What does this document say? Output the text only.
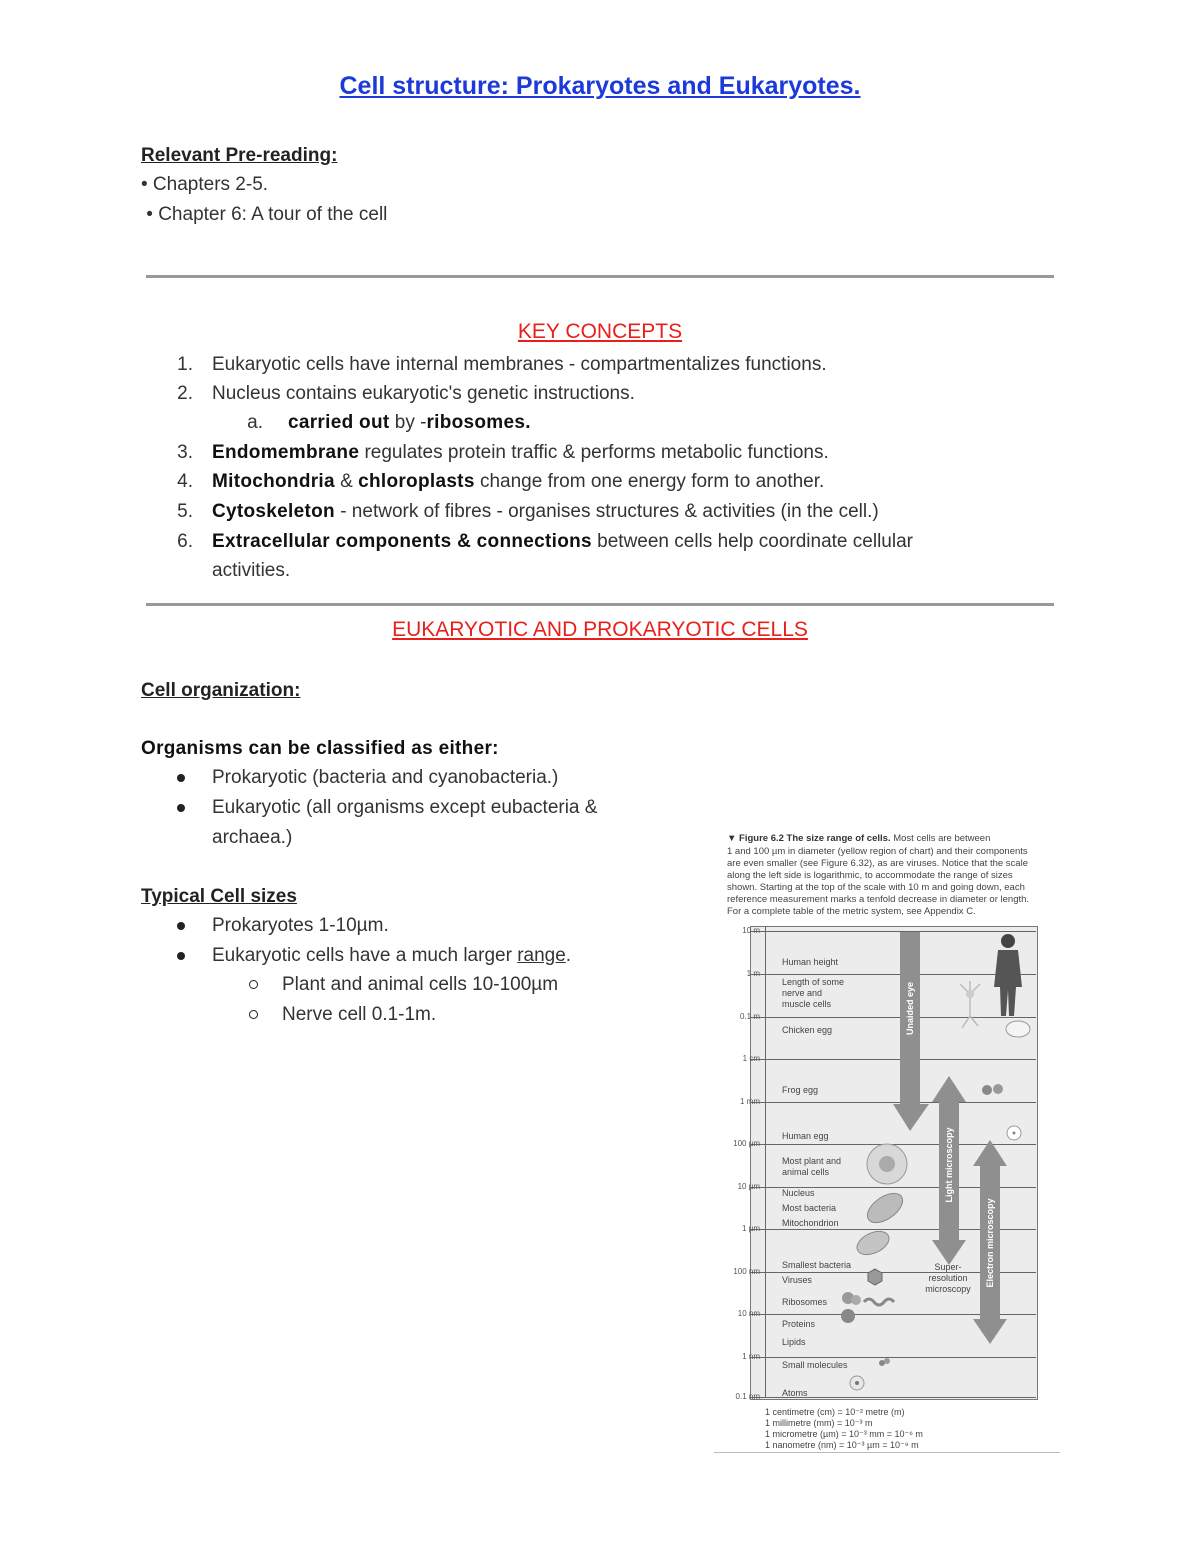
Cell structure: Prokaryotes and Eukaryotes.
Relevant Pre-reading:
• Chapters 2-5.
• Chapter 6: A tour of the cell
KEY CONCEPTS
1. Eukaryotic cells have internal membranes - compartmentalizes functions.
2. Nucleus contains eukaryotic's genetic instructions.
a. carried out by -ribosomes.
3. Endomembrane regulates protein traffic & performs metabolic functions.
4. Mitochondria & chloroplasts change from one energy form to another.
5. Cytoskeleton - network of fibres - organises structures & activities (in the cell.)
6. Extracellular components & connections between cells help coordinate cellular
activities.
EUKARYOTIC AND PROKARYOTIC CELLS
Cell organization:
Organisms can be classified as either:
Prokaryotic (bacteria and cyanobacteria.)
Eukaryotic (all organisms except eubacteria &
archaea.)
Typical Cell sizes
Prokaryotes 1-10µm.
Eukaryotic cells have a much larger range.
Plant and animal cells 10-100µm
Nerve cell 0.1-1m.
▼ Figure 6.2 The size range of cells. Most cells are between
1 and 100 µm in diameter (yellow region of chart) and their components
are even smaller (see Figure 6.32), as are viruses. Notice that the scale
along the left side is logarithmic, to accommodate the range of sizes
shown. Starting at the top of the scale with 10 m and going down, each
reference measurement marks a tenfold decrease in diameter or length.
For a complete table of the metric system, see Appendix C.
10 m
1 m
0.1 m
1 cm
1 mm
100 µm
10 µm
1 µm
100 nm
10 nm
1 nm
0.1 nm
Human height
Length of some
nerve and
muscle cells
Chicken egg
Frog egg
Human egg
Most plant and
animal cells
Nucleus
Most bacteria
Mitochondrion
Smallest bacteria
Viruses
Ribosomes
Proteins
Lipids
Small molecules
Atoms
Unaided eye
Light microscopy
Electron microscopy
Super-
resolution
microscopy
1 centimetre (cm) = 10⁻² metre (m)
1 millimetre (mm) = 10⁻³ m
1 micrometre (µm) = 10⁻³ mm = 10⁻⁶ m
1 nanometre (nm) = 10⁻³ µm = 10⁻⁹ m
